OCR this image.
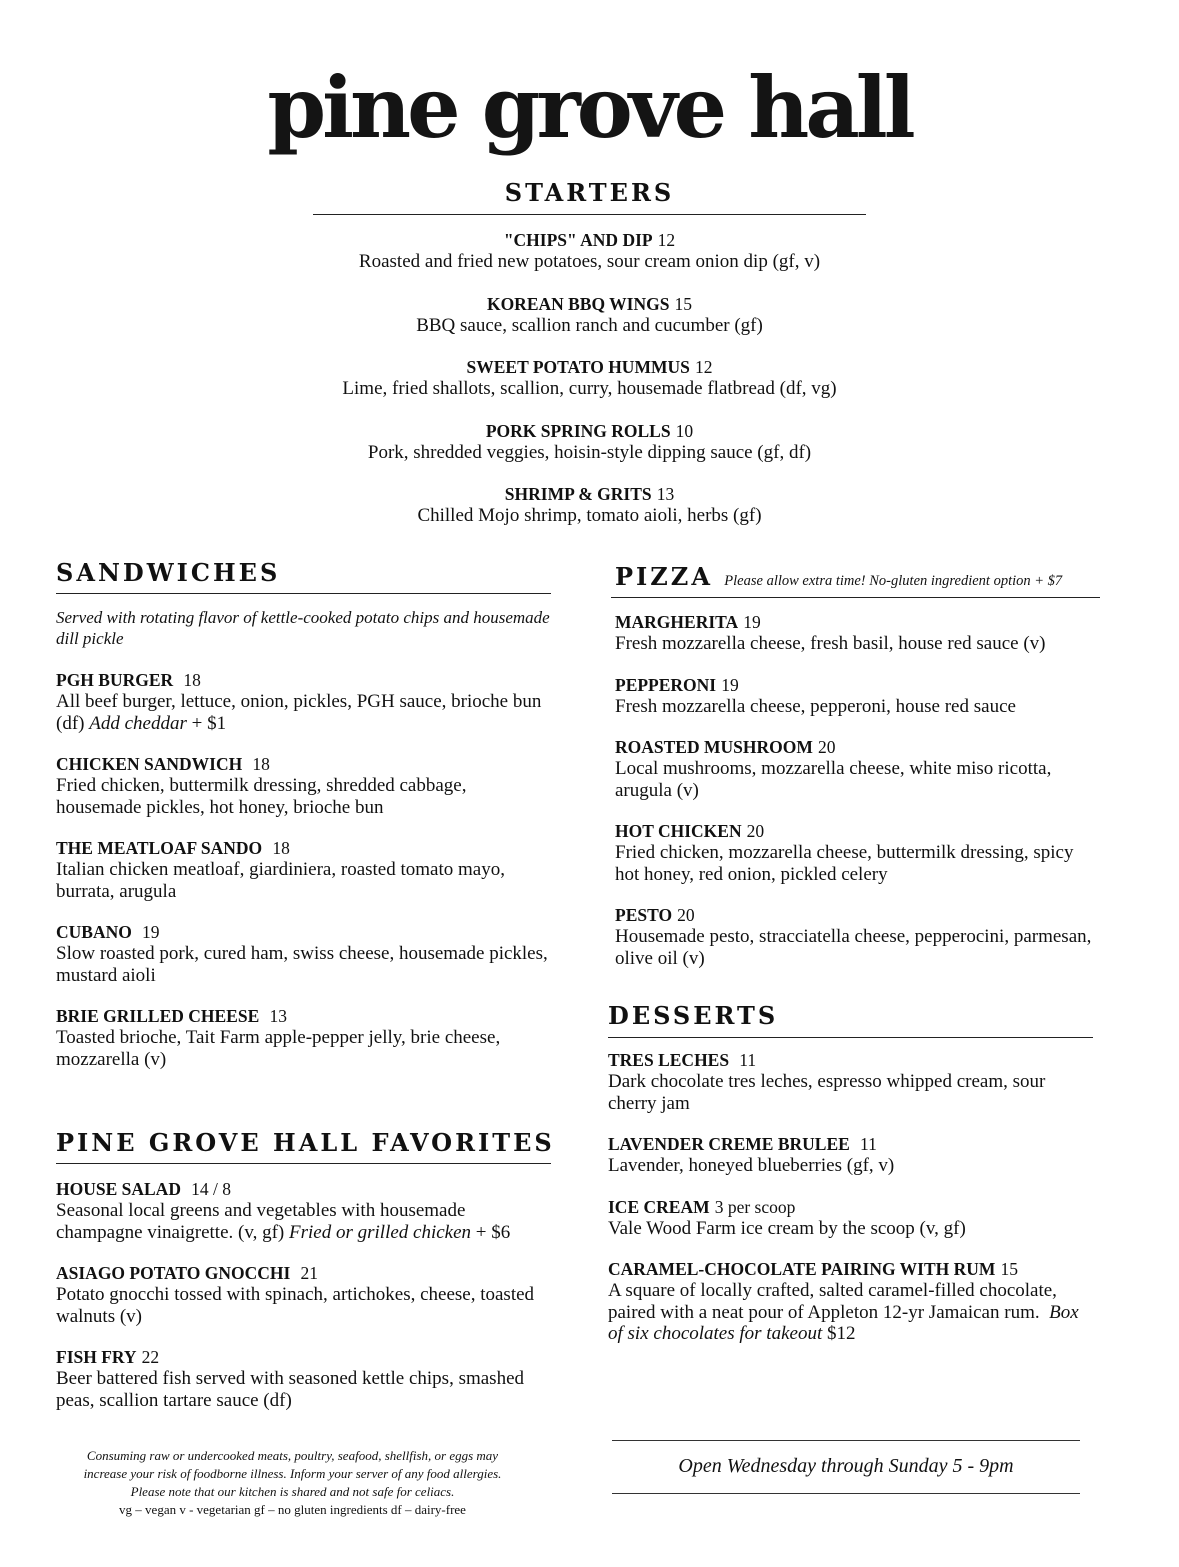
pine grove hall
STARTERS
"CHIPS" AND DIP 12
Roasted and fried new potatoes, sour cream onion dip (gf, v)
KOREAN BBQ WINGS 15
BBQ sauce, scallion ranch and cucumber (gf)
SWEET POTATO HUMMUS 12
Lime, fried shallots, scallion, curry, housemade flatbread (df, vg)
PORK SPRING ROLLS 10
Pork, shredded veggies, hoisin-style dipping sauce (gf, df)
SHRIMP & GRITS 13
Chilled Mojo shrimp, tomato aioli, herbs (gf)
SANDWICHES
Served with rotating flavor of kettle-cooked potato chips and housemade dill pickle
PGH BURGER 18
All beef burger, lettuce, onion, pickles, PGH sauce, brioche bun (df) Add cheddar + $1
CHICKEN SANDWICH 18
Fried chicken, buttermilk dressing, shredded cabbage, housemade pickles, hot honey, brioche bun
THE MEATLOAF SANDO 18
Italian chicken meatloaf, giardiniera, roasted tomato mayo, burrata, arugula
CUBANO 19
Slow roasted pork, cured ham, swiss cheese, housemade pickles, mustard aioli
BRIE GRILLED CHEESE 13
Toasted brioche, Tait Farm apple-pepper jelly, brie cheese, mozzarella (v)
PINE GROVE HALL FAVORITES
HOUSE SALAD 14 / 8
Seasonal local greens and vegetables with housemade champagne vinaigrette. (v, gf) Fried or grilled chicken + $6
ASIAGO POTATO GNOCCHI 21
Potato gnocchi tossed with spinach, artichokes, cheese, toasted walnuts (v)
FISH FRY 22
Beer battered fish served with seasoned kettle chips, smashed peas, scallion tartare sauce (df)
PIZZA Please allow extra time! No-gluten ingredient option + $7
MARGHERITA 19
Fresh mozzarella cheese, fresh basil, house red sauce (v)
PEPPERONI 19
Fresh mozzarella cheese, pepperoni, house red sauce
ROASTED MUSHROOM 20
Local mushrooms, mozzarella cheese, white miso ricotta, arugula (v)
HOT CHICKEN 20
Fried chicken, mozzarella cheese, buttermilk dressing, spicy hot honey, red onion, pickled celery
PESTO 20
Housemade pesto, stracciatella cheese, pepperocini, parmesan, olive oil (v)
DESSERTS
TRES LECHES 11
Dark chocolate tres leches, espresso whipped cream, sour cherry jam
LAVENDER CREME BRULEE 11
Lavender, honeyed blueberries (gf, v)
ICE CREAM 3 per scoop
Vale Wood Farm ice cream by the scoop (v, gf)
CARAMEL-CHOCOLATE PAIRING WITH RUM 15
A square of locally crafted, salted caramel-filled chocolate, paired with a neat pour of Appleton 12-yr Jamaican rum. Box of six chocolates for takeout $12
Consuming raw or undercooked meats, poultry, seafood, shellfish, or eggs may
increase your risk of foodborne illness. Inform your server of any food allergies.
Please note that our kitchen is shared and not safe for celiacs.
vg – vegan v - vegetarian gf – no gluten ingredients df – dairy-free
Open Wednesday through Sunday 5 - 9pm
